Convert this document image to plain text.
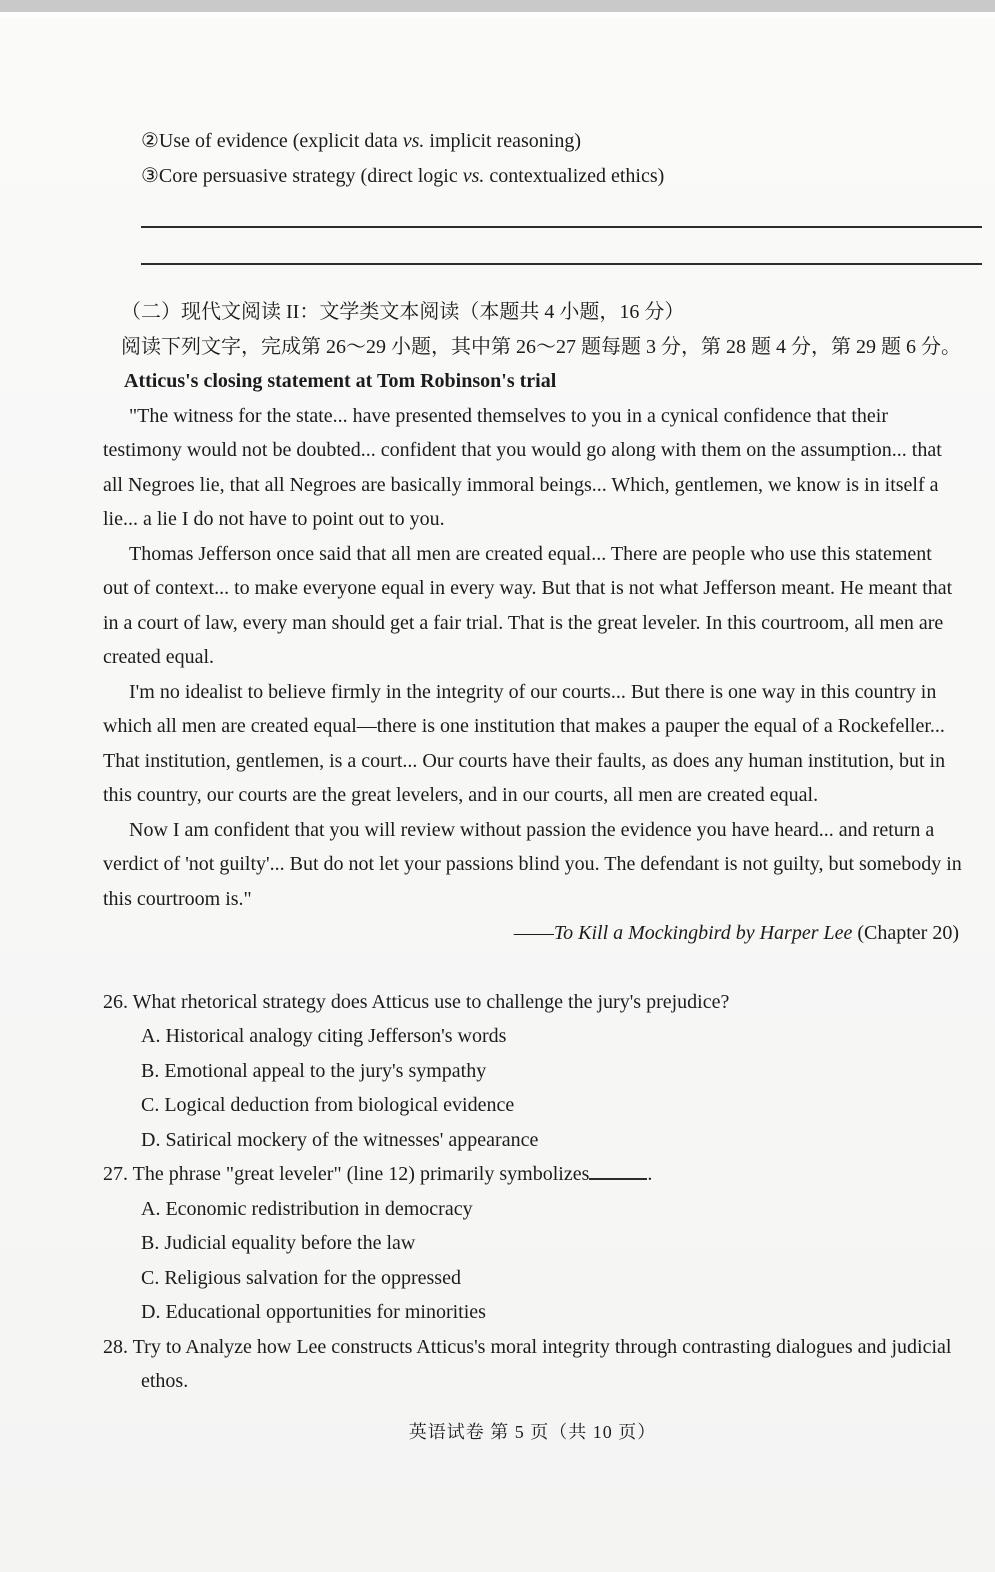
②Use of evidence (explicit data vs. implicit reasoning)
③Core persuasive strategy (direct logic vs. contextualized ethics)
（二）现代文阅读 II：文学类文本阅读（本题共 4 小题，16 分）
阅读下列文字，完成第 26～29 小题，其中第 26～27 题每题 3 分，第 28 题 4 分，第 29 题 6 分。
Atticus's closing statement at Tom Robinson's trial
"The witness for the state... have presented themselves to you in a cynical confidence that their testimony would not be doubted... confident that you would go along with them on the assumption... that all Negroes lie, that all Negroes are basically immoral beings... Which, gentlemen, we know is in itself a lie... a lie I do not have to point out to you.
Thomas Jefferson once said that all men are created equal... There are people who use this statement out of context... to make everyone equal in every way. But that is not what Jefferson meant. He meant that in a court of law, every man should get a fair trial. That is the great leveler. In this courtroom, all men are created equal.
I'm no idealist to believe firmly in the integrity of our courts... But there is one way in this country in which all men are created equal—there is one institution that makes a pauper the equal of a Rockefeller... That institution, gentlemen, is a court... Our courts have their faults, as does any human institution, but in this country, our courts are the great levelers, and in our courts, all men are created equal.
Now I am confident that you will review without passion the evidence you have heard... and return a verdict of 'not guilty'... But do not let your passions blind you. The defendant is not guilty, but somebody in this courtroom is."
——To Kill a Mockingbird by Harper Lee (Chapter 20)
26. What rhetorical strategy does Atticus use to challenge the jury's prejudice?
A. Historical analogy citing Jefferson's words
B. Emotional appeal to the jury's sympathy
C. Logical deduction from biological evidence
D. Satirical mockery of the witnesses' appearance
27. The phrase "great leveler" (line 12) primarily symbolizes	.
A. Economic redistribution in democracy
B. Judicial equality before the law
C. Religious salvation for the oppressed
D. Educational opportunities for minorities
28. Try to Analyze how Lee constructs Atticus's moral integrity through contrasting dialogues and judicial ethos.
英语试卷 第 5 页（共 10 页）
